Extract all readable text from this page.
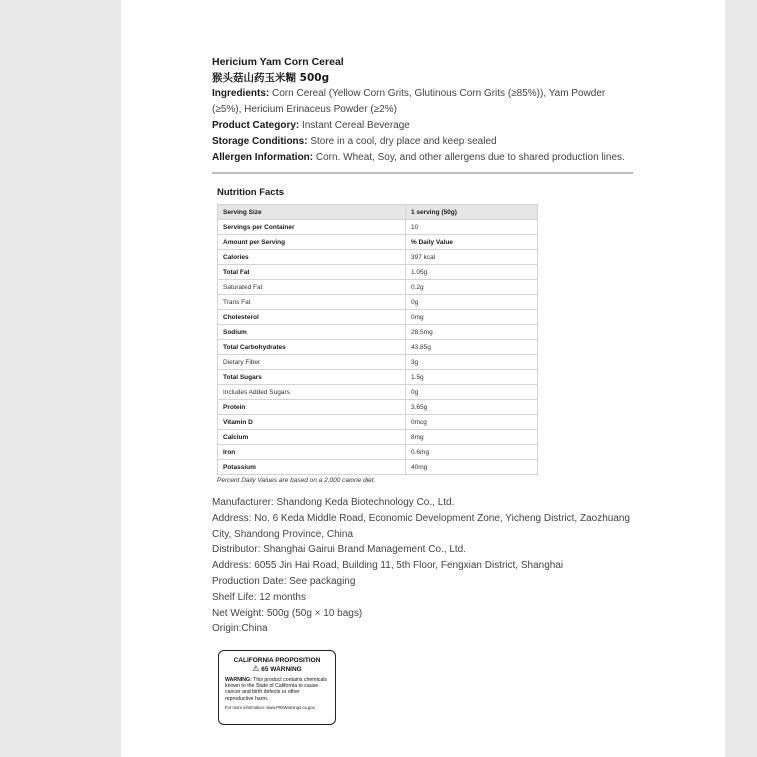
Hericium Yam Corn Cereal
猴头菇山药玉米糊 500g
Ingredients: Corn Cereal (Yellow Corn Grits, Glutinous Corn Grits (≥85%)), Yam Powder (≥5%), Hericium Erinaceus Powder (≥2%)
Product Category: Instant Cereal Beverage
Storage Conditions: Store in a cool, dry place and keep sealed
Allergen Information: Corn. Wheat, Soy, and other allergens due to shared production lines.
Nutrition Facts
Serving Size	1 serving (50g)
Servings per Container	10
Amount per Serving	% Daily Value
Calories	397 kcal
Total Fat	1.05g
Saturated Fat	0.2g
Trans Fat	0g
Cholesterol	0mg
Sodium	28.5mg
Total Carbohydrates	43.85g
Dietary Fiber	3g
Total Sugars	1.5g
Includes Added Sugars	0g
Protein	3.65g
Vitamin D	0mcg
Calcium	8mg
Iron	0.6mg
Potassium	40mg
Percent Daily Values are based on a 2,000 calorie diet.
Manufacturer: Shandong Keda Biotechnology Co., Ltd.
Address: No. 6 Keda Middle Road, Economic Development Zone, Yicheng District, Zaozhuang City, Shandong Province, China
Distributor: Shanghai Gairui Brand Management Co., Ltd.
Address: 6055 Jin Hai Road, Building 11, 5th Floor, Fengxian District, Shanghai
Production Date: See packaging
Shelf Life: 12 months
Net Weight: 500g (50g × 10 bags)
Origin:China
CALIFORNIA PROPOSITION
⚠ 65 WARNING
WARNING: This product contains chemicals known to the State of California to cause cancer and birth defects or other reproductive harm.
For more information: www.P65Warnings.ca.gov
